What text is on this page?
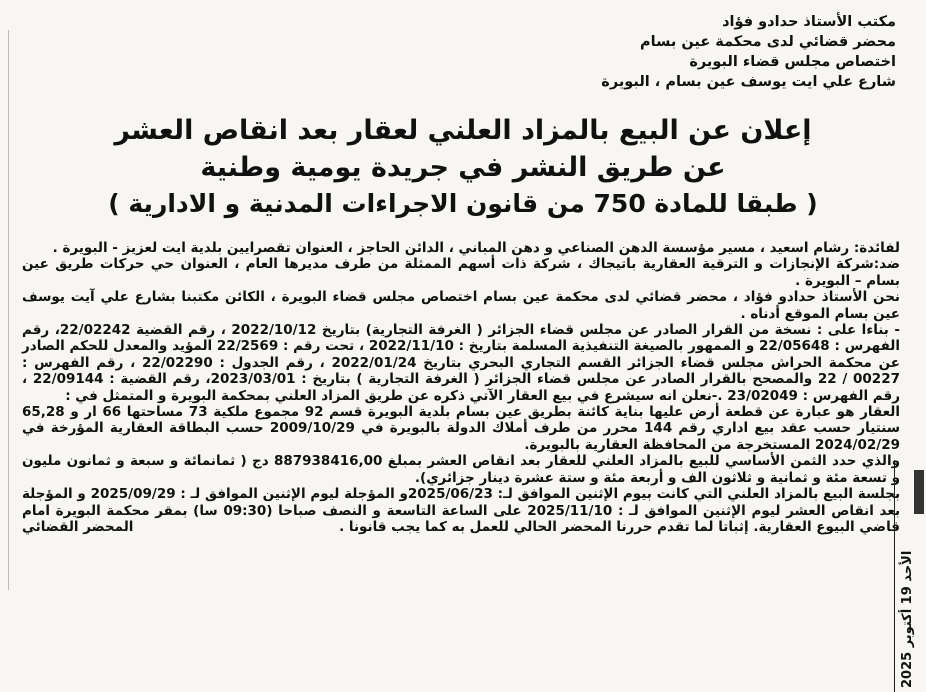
مكتب الأستاذ حدادو فؤاد
محضر قضائي لدى محكمة عين بسام
اختصاص مجلس قضاء البويرة
شارع علي ايت يوسف عين بسام ، البويرة
إعلان عن البيع بالمزاد العلني لعقار بعد انقاص العشر
عن طريق النشر في جريدة يومية وطنية
( طبقا للمادة 750 من قانون الاجراءات المدنية و الادارية )

لفائدة: رشام اسعيد ، مسير مؤسسة الدهن الصناعي و دهن المباني ، الدائن الحاجز ، العنوان تقصرايين بلدية ايت لعزيز - البويرة .

ضد:شركة الإنجازات و الترقية العقارية باتيجاك ، شركة ذات أسهم الممثلة من طرف مديرها العام ، العنوان حي حركات طريق عين بسام – البويرة .

نحن الأستاذ حدادو فؤاد ، محضر قضائي لدى محكمة عين بسام اختصاص مجلس قضاء البويرة ، الكائن مكتبنا بشارع علي آيت يوسف عين بسام الموقع أدناه .

- بناءا على : نسخة من القرار الصادر عن مجلس قضاء الجزائر ( الغرفة التجارية) بتاريخ 2022/10/12 ، رقم القضية 22/02242، رقم الفهرس : 22/05648 و الممهور بالصيغة التنفيذية المسلمة بتاريخ : 2022/11/10 ، تحت رقم : 22/2569 المؤيد والمعدل للحكم الصادر عن محكمة الحراش مجلس قضاء الجزائر القسم التجاري البحري بتاريخ 2022/01/24 ، رقم الجدول : 22/02290 ، رقم الفهرس : 00227 / 22 والمصحح بالقرار الصادر عن مجلس قضاء الجزائر ( الغرفة التجارية ) بتاريخ : 2023/03/01، رقم القضية : 22/09144 ، رقم الفهرس : 23/02049 .-نعلن انه سيشرع في بيع العقار الآتي ذكره عن طريق المزاد العلني بمحكمة البويرة و المتمثل في :

العقار هو عبارة عن قطعة أرض عليها بناية كائنة بطريق عين بسام بلدية البويرة قسم 92 مجموع ملكية 73 مساحتها 66 ار و 65,28 سنتيار حسب عقد بيع اداري رقم 144 محرر من طرف أملاك الدولة بالبويرة في 2009/10/29 حسب البطاقة العقارية المؤرخة في 2024/02/29 المستخرجة من المحافظة العقارية بالبويرة.

والذي حدد الثمن الأساسي للبيع بالمزاد العلني للعقار بعد انقاص العشر بمبلغ 887938416,00 دج ( ثمانمائة و سبعة و ثمانون مليون و تسعة مئة و ثمانية و ثلاثون الف و أربعة مئة و ستة عشرة دينار جزائري).

بجلسة البيع بالمزاد العلني التي كانت بيوم الإثنين الموافق لـ: 2025/06/23و المؤجلة ليوم الإثنين الموافق لـ : 2025/09/29 و المؤجلة بعد انقاص العشر ليوم الإثنين الموافق لـ : 2025/11/10 على الساعة التاسعة و النصف صباحا (09:30 سا) بمقر محكمة البويرة امام قاضي البيوع العقارية. إثباتا لما تقدم حررنا المحضر الحالي للعمل به كما يجب قانونا .
المحضر القضائي

الأحد 19 أكتوبر 2025
